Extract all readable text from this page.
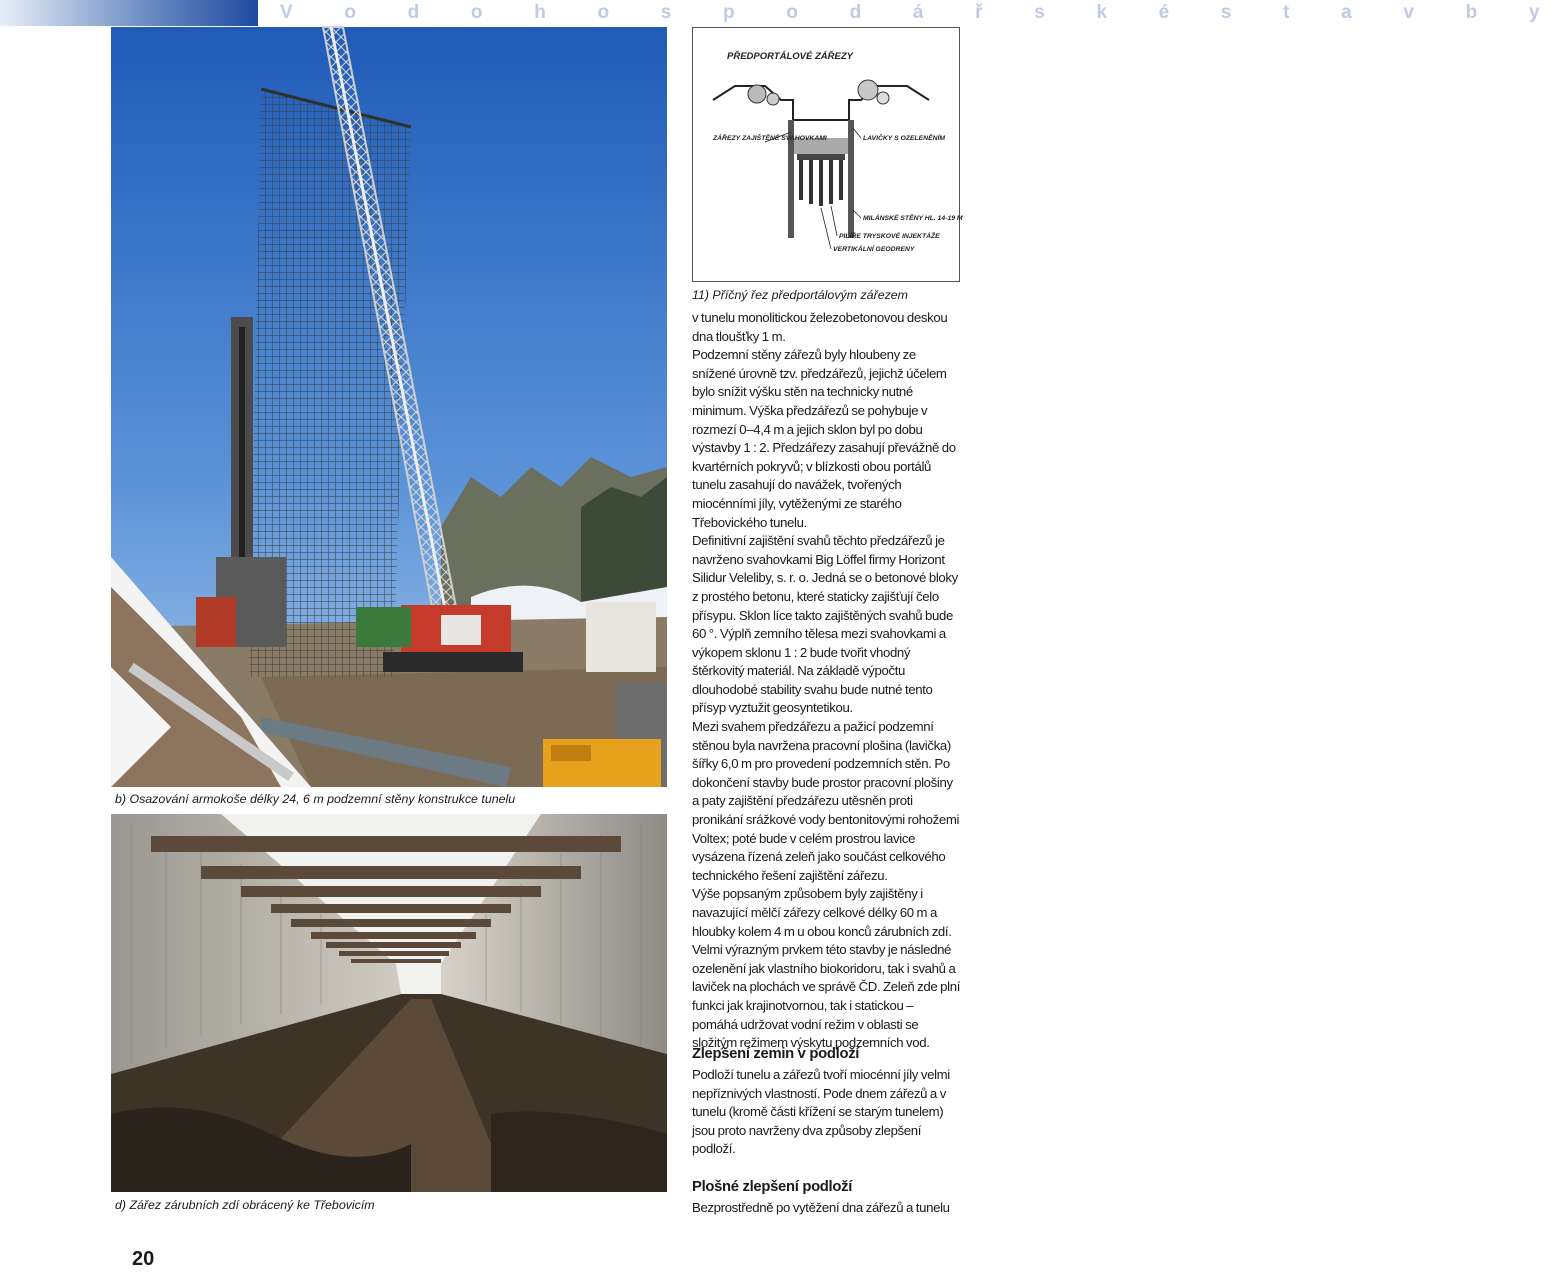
V o d o h o s p o d á ř s k é s t a v b y
b) Osazování armokoše délky 24, 6 m podzemní stěny konstrukce tunelu
d) Zářez zárubních zdí obrácený ke Třebovicím
PŘEDPORTÁLOVÉ ZÁŘEZY
ZÁŘEZY ZAJIŠTĚNÉ SVAHOVKAMI	LAVIČKY S OZELENĚNÍM
MILÁNSKÉ STĚNY HL. 14-19 M
PILÍŘE TRYSKOVÉ INJEKTÁŽE
VERTIKÁLNÍ GEODRENY
11) Příčný řez předportálovým zářezem

v tunelu monolitickou železobetonovou deskou dna tloušťky 1 m.

Podzemní stěny zářezů byly hloubeny ze snížené úrovně tzv. předzářezů, jejichž účelem bylo snížit výšku stěn na technicky nutné minimum. Výška předzářezů se pohybuje v rozmezí 0–4,4 m a jejich sklon byl po dobu výstavby 1 : 2. Předzářezy zasahují převážně do kvartérních pokryvů; v blízkosti obou portálů tunelu zasahují do navážek, tvořených miocénními jíly, vytěženými ze starého Třebovického tunelu.

Definitivní zajištění svahů těchto předzářezů je navrženo svahovkami Big Löffel firmy Horizont Silidur Veleliby, s. r. o. Jedná se o betonové bloky z prostého betonu, které staticky zajišťují čelo přísypu. Sklon líce takto zajištěných svahů bude 60 °. Výplň zemního tělesa mezi svahovkami a výkopem sklonu 1 : 2 bude tvořit vhodný štěrkovitý materiál. Na základě výpočtu dlouhodobé stability svahu bude nutné tento přísyp vyztužit geosyntetikou.

Mezi svahem předzářezu a pažicí podzemní stěnou byla navržena pracovní plošina (lavička) šířky 6,0 m pro provedení podzemních stěn. Po dokončení stavby bude prostor pracovní plošiny a paty zajištění předzářezu utěsněn proti pronikání srážkové vody bentonitovými rohožemi Voltex; poté bude v celém prostrou lavice vysázena řízená zeleň jako součást celkového technického řešení zajištění zářezu.

Výše popsaným způsobem byly zajištěny i navazující mělčí zářezy celkové délky 60 m a hloubky kolem 4 m u obou konců zárubních zdí. Velmi výrazným prvkem této stavby je následné ozelenění jak vlastního biokoridoru, tak i svahů a laviček na plochách ve správě ČD. Zeleň zde plní funkci jak krajinotvornou, tak i statickou – pomáhá udržovat vodní režim v oblasti se složitým režimem výskytu podzemních vod.

Zlepšení zemin v podloží

Podloží tunelu a zářezů tvoří miocénní jíly velmi nepříznivých vlastností. Pode dnem zářezů a v tunelu (kromě části křížení se starým tunelem) jsou proto navrženy dva způsoby zlepšení podloží.

Plošné zlepšení podloží

Bezprostředně po vytěžení dna zářezů a tunelu

20
